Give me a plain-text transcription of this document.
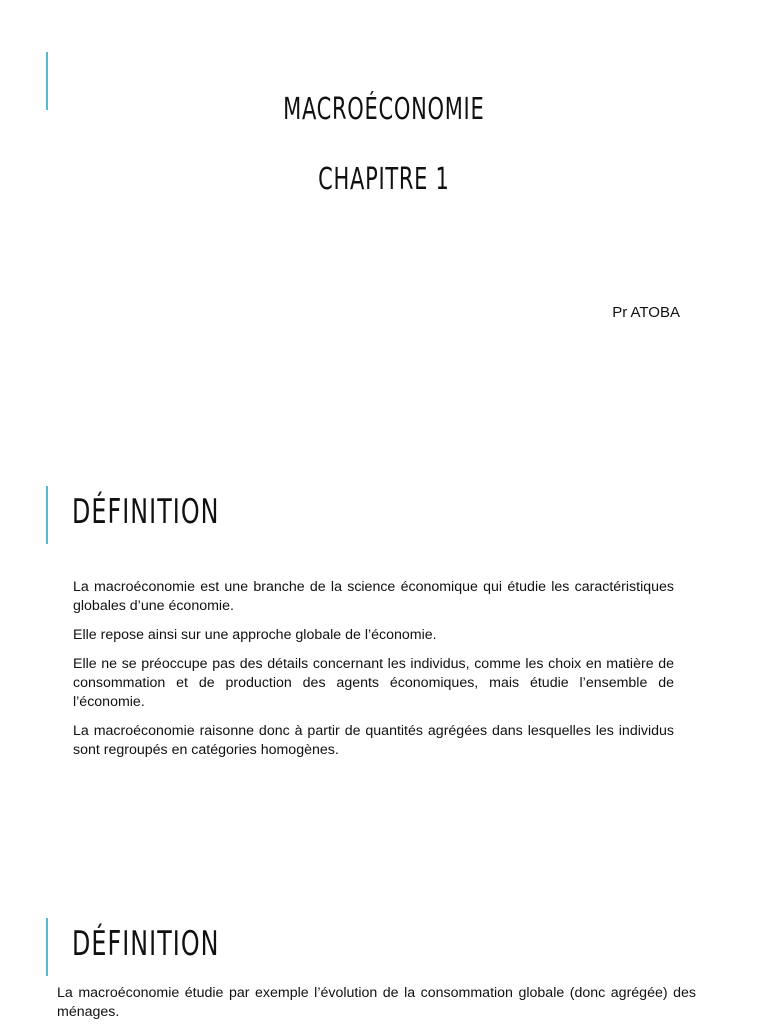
MACROÉCONOMIE
CHAPITRE 1
Pr ATOBA
DÉFINITION

La macroéconomie est une branche de la science économique qui étudie les caractéristiques globales d’une économie.

Elle repose ainsi sur une approche globale de l’économie.

Elle ne se préoccupe pas des détails concernant les individus, comme les choix en matière de consommation et de production des agents économiques, mais étudie l’ensemble de l’économie.

La macroéconomie raisonne donc à partir de quantités agrégées dans lesquelles les individus sont regroupés en catégories homogènes.

DÉFINITION

La macroéconomie étudie par exemple l’évolution de la consommation globale (donc agrégée) des ménages.
